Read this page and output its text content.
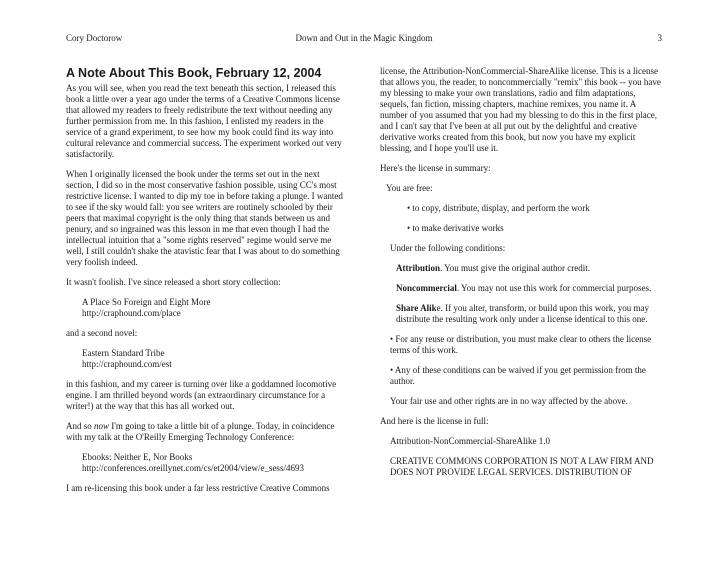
Cory Doctorow	Down and Out in the Magic Kingdom	3
A Note About This Book, February 12, 2004

As you will see, when you read the text beneath this section, I released this book a little over a year ago under the terms of a Creative Commons license that allowed my readers to freely redistribute the text without needing any further permission from me. In this fashion, I enlisted my readers in the service of a grand experiment, to see how my book could find its way into cultural relevance and commercial success. The experiment worked out very satisfactorily.

When I originally licensed the book under the terms set out in the next section, I did so in the most conservative fashion possible, using CC's most restrictive license. I wanted to dip my toe in before taking a plunge. I wanted to see if the sky would fall: you see writers are routinely schooled by their peers that maximal copyright is the only thing that stands between us and penury, and so ingrained was this lesson in me that even though I had the intellectual intuition that a "some rights reserved" regime would serve me well, I still couldn't shake the atavistic fear that I was about to do something very foolish indeed.

It wasn't foolish. I've since released a short story collection:

A Place So Foreign and Eight More
http://craphound.com/place

and a second novel:

Eastern Standard Tribe
http://craphound.com/est

in this fashion, and my career is turning over like a goddamned locomotive engine. I am thrilled beyond words (an extraordinary circumstance for a writer!) at the way that this has all worked out.

And so now I'm going to take a little bit of a plunge. Today, in coincidence with my talk at the O'Reilly Emerging Technology Conference:

Ebooks: Neither E, Nor Books
http://conferences.oreillynet.com/cs/et2004/view/e_sess/4693

I am re-licensing this book under a far less restrictive Creative Commons

license, the Attribution-NonCommercial-ShareAlike license. This is a license that allows you, the reader, to noncommercially "remix" this book -- you have my blessing to make your own translations, radio and film adaptations, sequels, fan fiction, missing chapters, machine remixes, you name it. A number of you assumed that you had my blessing to do this in the first place, and I can't say that I've been at all put out by the delightful and creative derivative works created from this book, but now you have my explicit blessing, and I hope you'll use it.

Here's the license in summary:

You are free:

• to copy, distribute, display, and perform the work

• to make derivative works

Under the following conditions:

Attribution. You must give the original author credit.

Noncommercial. You may not use this work for commercial purposes.

Share Alike. If you alter, transform, or build upon this work, you may distribute the resulting work only under a license identical to this one.

• For any reuse or distribution, you must make clear to others the license terms of this work.

• Any of these conditions can be waived if you get permission from the author.

Your fair use and other rights are in no way affected by the above.

And here is the license in full:

Attribution-NonCommercial-ShareAlike 1.0

CREATIVE COMMONS CORPORATION IS NOT A LAW FIRM AND DOES NOT PROVIDE LEGAL SERVICES. DISTRIBUTION OF
